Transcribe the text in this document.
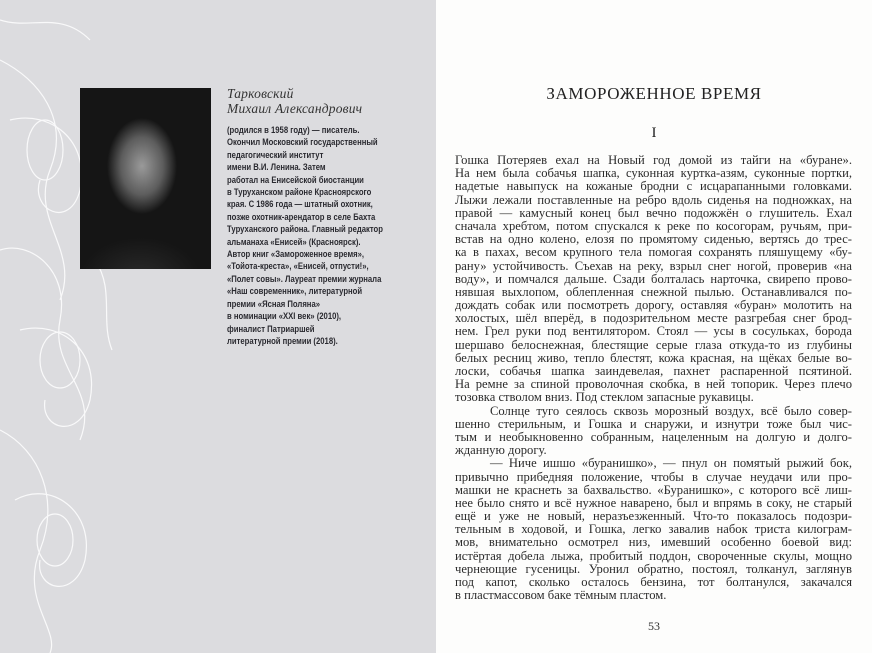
Тарковский
Михаил Александрович
(родился в 1958 году) — писатель.
Окончил Московский государственный
педагогический институт
имени В.И. Ленина. Затем
работал на Енисейской биостанции
в Туруханском районе Красноярского
края. С 1986 года — штатный охотник,
позже охотник-арендатор в селе Бахта
Туруханского района. Главный редактор
альманаха «Енисей» (Красноярск).
Автор книг «Замороженное время»,
«Тойота-креста», «Енисей, отпусти!»,
«Полет совы». Лауреат премии журнала
«Наш современник», литературной
премии «Ясная Поляна»
в номинации «XXI век» (2010),
финалист Патриаршей
литературной премии (2018).
ЗАМОРОЖЕННОЕ ВРЕМЯ
I
Гошка Потеряев ехал на Новый год домой из тайги на «буране».
На нем была собачья шапка, суконная куртка-азям, суконные портки,
надетые навыпуск на кожаные бродни с исцарапанными головками.
Лыжи лежали поставленные на ребро вдоль сиденья на подножках, на
правой — камусный конец был вечно подожжён о глушитель. Ехал
сначала хребтом, потом спускался к реке по косогорам, ручьям, при-
встав на одно колено, елозя по промятому сиденью, вертясь до трес-
ка в пахах, весом крупного тела помогая сохранять пляшущему «бу-
рану» устойчивость. Съехав на реку, взрыл снег ногой, проверив «на
воду», и помчался дальше. Сзади болталась нарточка, свирепо прово-
нявшая выхлопом, облепленная снежной пылью. Останавливался по-
дождать собак или посмотреть дорогу, оставляя «буран» молотить на
холостых, шёл вперёд, в подозрительном месте разгребая снег брод-
нем. Грел руки под вентилятором. Стоял — усы в сосульках, борода
шершаво белоснежная, блестящие серые глаза откуда-то из глубины
белых ресниц живо, тепло блестят, кожа красная, на щёках белые во-
лоски, собачья шапка заиндевелая, пахнет распаренной псятиной.
На ремне за спиной проволочная скобка, в ней топорик. Через плечо
тозовка стволом вниз. Под стеклом запасные рукавицы.
Солнце туго сеялось сквозь морозный воздух, всё было совер-
шенно стерильным, и Гошка и снаружи, и изнутри тоже был чис-
тым и необыкновенно собранным, нацеленным на долгую и долго-
жданную дорогу.
— Ниче ишшо «буранишко», — пнул он помятый рыжий бок,
привычно прибедняя положение, чтобы в случае неудачи или про-
машки не краснеть за бахвальство. «Буранишко», с которого всё лиш-
нее было снято и всё нужное наварено, был и впрямь в соку, не старый
ещё и уже не новый, неразъезженный. Что-то показалось подозри-
тельным в ходовой, и Гошка, легко завалив набок триста килограм-
мов, внимательно осмотрел низ, имевший особенно боевой вид:
истёртая добела лыжа, пробитый поддон, свороченные скулы, мощно
чернеющие гусеницы. Уронил обратно, постоял, толканул, заглянув
под капот, сколько осталось бензина, тот болтанулся, закачался
в пластмассовом баке тёмным пластом.
53
